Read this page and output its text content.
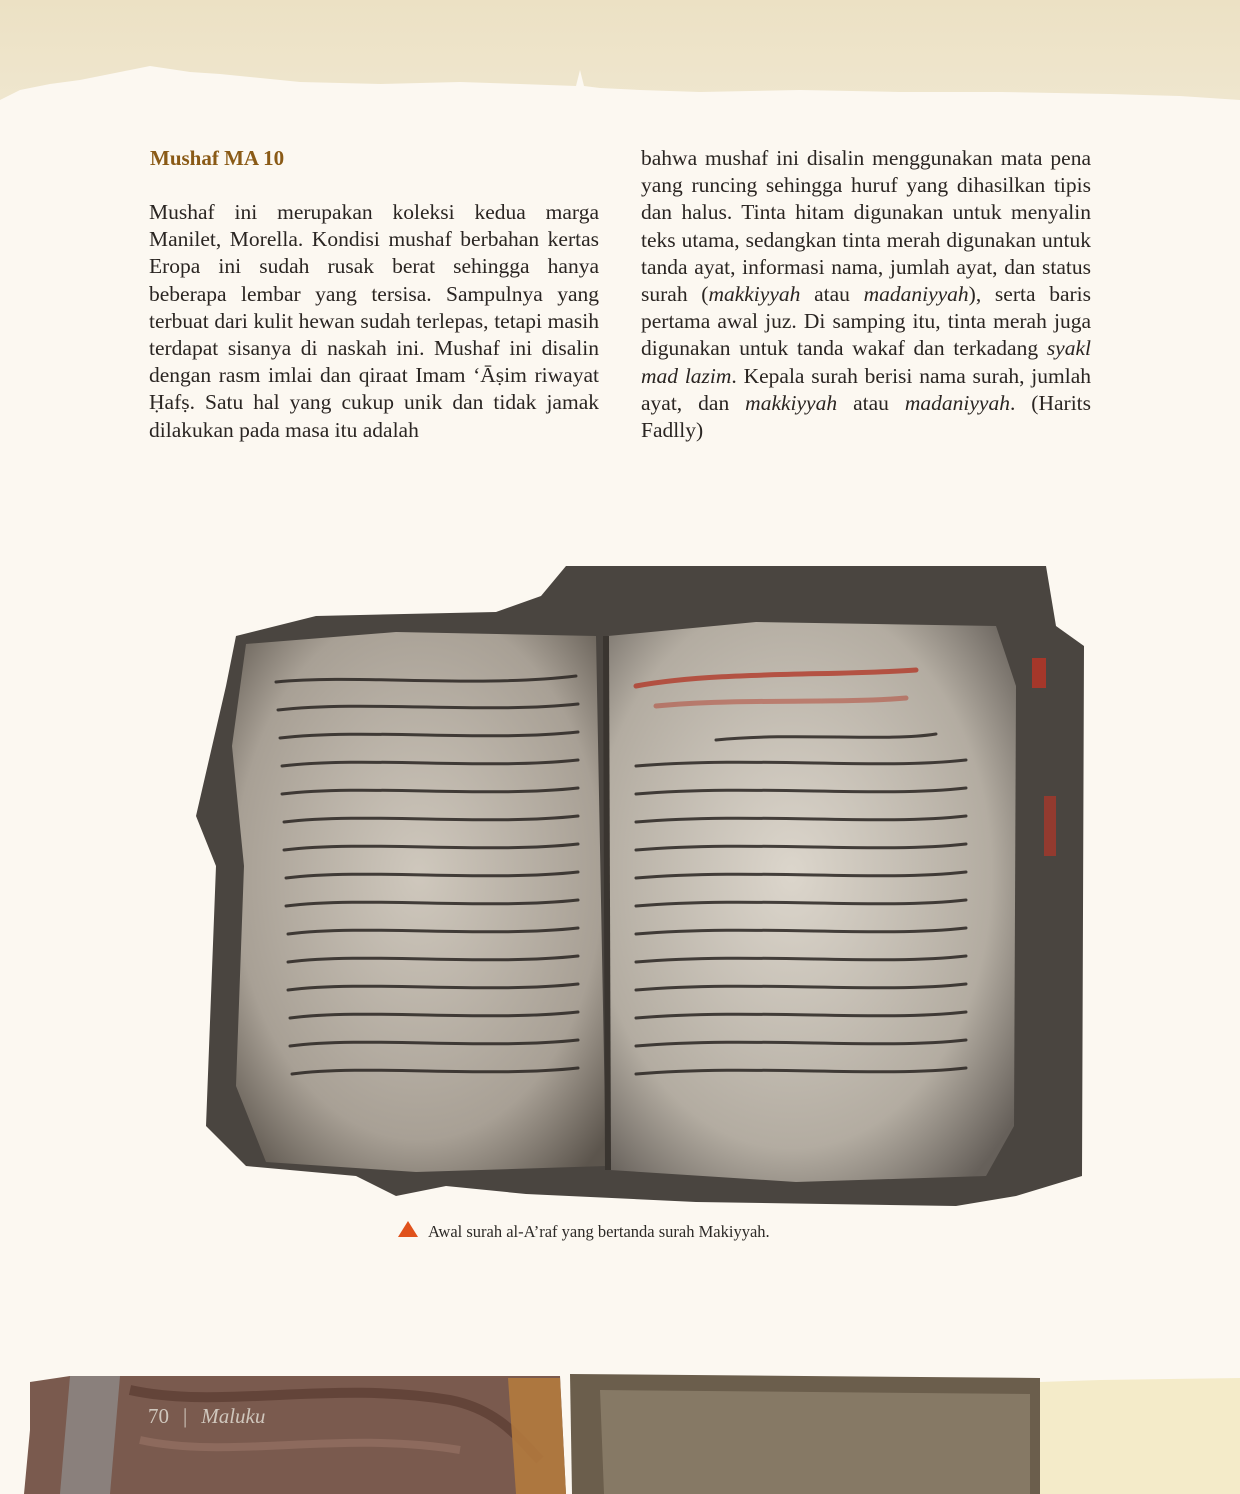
Mushaf MA 10

Mushaf ini merupakan koleksi kedua marga Manilet, Morella. Kondisi mushaf berbahan kertas Eropa ini sudah rusak berat sehingga hanya beberapa lembar yang tersisa. Sampulnya yang terbuat dari kulit hewan sudah terlepas, tetapi masih terdapat sisanya di naskah ini. Mushaf ini disalin dengan rasm imlai dan qiraat Imam ‘Āṣim riwayat Ḥafṣ. Satu hal yang cukup unik dan tidak jamak dilakukan pada masa itu adalah

bahwa mushaf ini disalin menggunakan mata pena yang runcing sehingga huruf yang dihasilkan tipis dan halus. Tinta hitam digunakan untuk menyalin teks utama, sedangkan tinta merah digunakan untuk tanda ayat, informasi nama, jumlah ayat, dan status surah (makkiyyah atau madaniyyah), serta baris pertama awal juz. Di samping itu, tinta merah juga digunakan untuk tanda wakaf dan terkadang syakl mad lazim. Kepala surah berisi nama surah, jumlah ayat, dan makkiyyah atau madaniyyah. (Harits Fadlly)

Awal surah al-A’raf yang bertanda surah Makiyyah.
70 | Maluku
